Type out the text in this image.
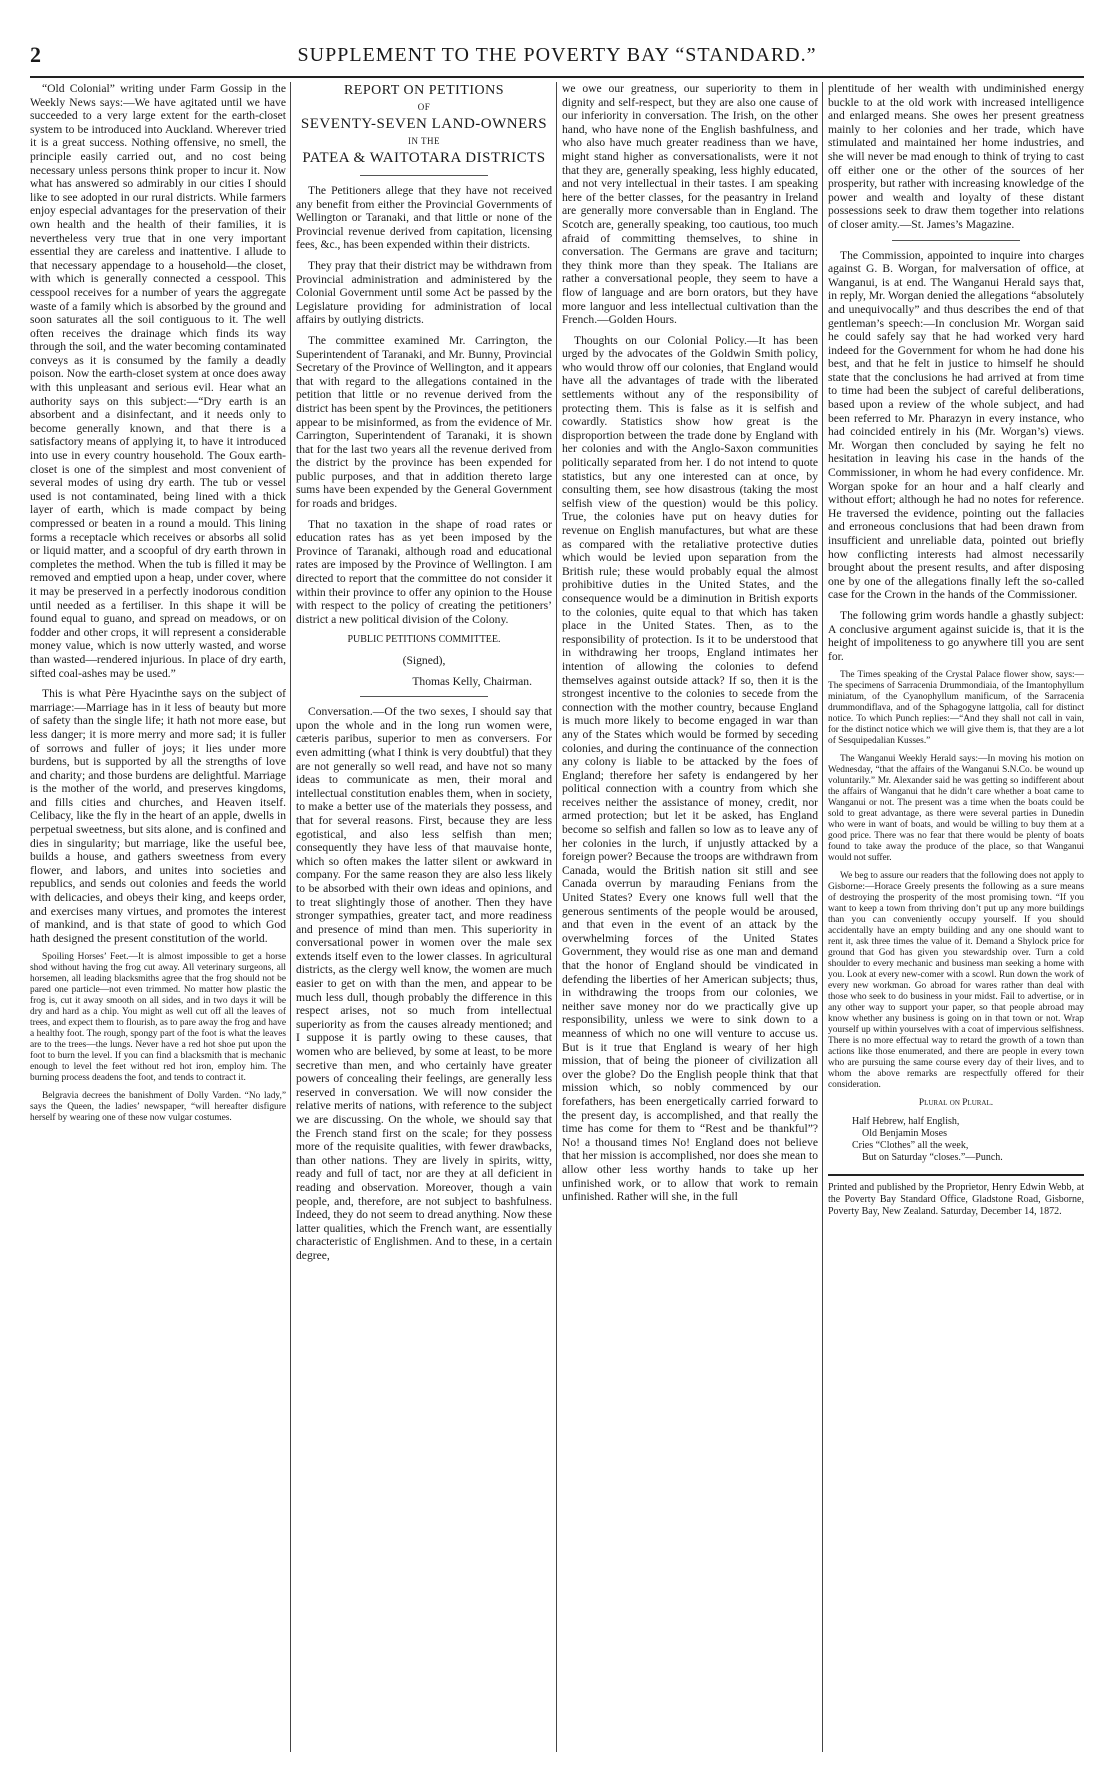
2	SUPPLEMENT TO THE POVERTY BAY “STANDARD.”

“Old Colonial” writing under Farm Gossip in the Weekly News says:—We have agitated until we have succeeded to a very large extent for the earth-closet system to be introduced into Auckland. Wherever tried it is a great success. Nothing offensive, no smell, the principle easily carried out, and no cost being necessary unless persons think proper to incur it. Now what has answered so admirably in our cities I should like to see adopted in our rural districts. While farmers enjoy especial advantages for the preservation of their own health and the health of their families, it is nevertheless very true that in one very important essential they are careless and inattentive. I allude to that necessary appendage to a household—the closet, with which is generally connected a cesspool. This cesspool receives for a number of years the aggregate waste of a family which is absorbed by the ground and soon saturates all the soil contiguous to it. The well often receives the drainage which finds its way through the soil, and the water becoming contaminated conveys as it is consumed by the family a deadly poison. Now the earth-closet system at once does away with this unpleasant and serious evil. Hear what an authority says on this subject:—“Dry earth is an absorbent and a disinfectant, and it needs only to become generally known, and that there is a satisfactory means of applying it, to have it introduced into use in every country household. The Goux earth-closet is one of the simplest and most convenient of several modes of using dry earth. The tub or vessel used is not contaminated, being lined with a thick layer of earth, which is made compact by being compressed or beaten in a round a mould. This lining forms a receptacle which receives or absorbs all solid or liquid matter, and a scoopful of dry earth thrown in completes the method. When the tub is filled it may be removed and emptied upon a heap, under cover, where it may be preserved in a perfectly inodorous condition until needed as a fertiliser. In this shape it will be found equal to guano, and spread on meadows, or on fodder and other crops, it will represent a considerable money value, which is now utterly wasted, and worse than wasted—rendered injurious. In place of dry earth, sifted coal-ashes may be used.”

This is what Père Hyacinthe says on the subject of marriage:—Marriage has in it less of beauty but more of safety than the single life; it hath not more ease, but less danger; it is more merry and more sad; it is fuller of sorrows and fuller of joys; it lies under more burdens, but is supported by all the strengths of love and charity; and those burdens are delightful. Marriage is the mother of the world, and preserves kingdoms, and fills cities and churches, and Heaven itself. Celibacy, like the fly in the heart of an apple, dwells in perpetual sweetness, but sits alone, and is confined and dies in singularity; but marriage, like the useful bee, builds a house, and gathers sweetness from every flower, and labors, and unites into societies and republics, and sends out colonies and feeds the world with delicacies, and obeys their king, and keeps order, and exercises many virtues, and promotes the interest of mankind, and is that state of good to which God hath designed the present constitution of the world.

Spoiling Horses’ Feet.—It is almost impossible to get a horse shod without having the frog cut away. All veterinary surgeons, all horsemen, all leading blacksmiths agree that the frog should not be pared one particle—not even trimmed. No matter how plastic the frog is, cut it away smooth on all sides, and in two days it will be dry and hard as a chip. You might as well cut off all the leaves of trees, and expect them to flourish, as to pare away the frog and have a healthy foot. The rough, spongy part of the foot is what the leaves are to the trees—the lungs. Never have a red hot shoe put upon the foot to burn the level. If you can find a blacksmith that is mechanic enough to level the feet without red hot iron, employ him. The burning process deadens the foot, and tends to contract it.

Belgravia decrees the banishment of Dolly Varden. “No lady,” says the Queen, the ladies’ newspaper, “will hereafter disfigure herself by wearing one of these now vulgar costumes.

REPORT ON PETITIONS
OF
SEVENTY-SEVEN LAND-OWNERS
IN THE
PATEA & WAITOTARA DISTRICTS

The Petitioners allege that they have not received any benefit from either the Provincial Governments of Wellington or Taranaki, and that little or none of the Provincial revenue derived from capitation, licensing fees, &c., has been expended within their districts.

They pray that their district may be withdrawn from Provincial administration and administered by the Colonial Government until some Act be passed by the Legislature providing for administration of local affairs by outlying districts.

The committee examined Mr. Carrington, the Superintendent of Taranaki, and Mr. Bunny, Provincial Secretary of the Province of Wellington, and it appears that with regard to the allegations contained in the petition that little or no revenue derived from the district has been spent by the Provinces, the petitioners appear to be misinformed, as from the evidence of Mr. Carrington, Superintendent of Taranaki, it is shown that for the last two years all the revenue derived from the district by the province has been expended for public purposes, and that in addition thereto large sums have been expended by the General Government for roads and bridges.

That no taxation in the shape of road rates or education rates has as yet been imposed by the Province of Taranaki, although road and educational rates are imposed by the Province of Wellington. I am directed to report that the committee do not consider it within their province to offer any opinion to the House with respect to the policy of creating the petitioners’ district a new political division of the Colony.

PUBLIC PETITIONS COMMITTEE.

(Signed),

Thomas Kelly, Chairman.

Conversation.—Of the two sexes, I should say that upon the whole and in the long run women were, cæteris paribus, superior to men as conversers. For even admitting (what I think is very doubtful) that they are not generally so well read, and have not so many ideas to communicate as men, their moral and intellectual constitution enables them, when in society, to make a better use of the materials they possess, and that for several reasons. First, because they are less egotistical, and also less selfish than men; consequently they have less of that mauvaise honte, which so often makes the latter silent or awkward in company. For the same reason they are also less likely to be absorbed with their own ideas and opinions, and to treat slightingly those of another. Then they have stronger sympathies, greater tact, and more readiness and presence of mind than men. This superiority in conversational power in women over the male sex extends itself even to the lower classes. In agricultural districts, as the clergy well know, the women are much easier to get on with than the men, and appear to be much less dull, though probably the difference in this respect arises, not so much from intellectual superiority as from the causes already mentioned; and I suppose it is partly owing to these causes, that women who are believed, by some at least, to be more secretive than men, and who certainly have greater powers of concealing their feelings, are generally less reserved in conversation. We will now consider the relative merits of nations, with reference to the subject we are discussing. On the whole, we should say that the French stand first on the scale; for they possess more of the requisite qualities, with fewer drawbacks, than other nations. They are lively in spirits, witty, ready and full of tact, nor are they at all deficient in reading and observation. Moreover, though a vain people, and, therefore, are not subject to bashfulness. Indeed, they do not seem to dread anything. Now these latter qualities, which the French want, are essentially characteristic of Englishmen. And to these, in a certain degree,

we owe our greatness, our superiority to them in dignity and self-respect, but they are also one cause of our inferiority in conversation. The Irish, on the other hand, who have none of the English bashfulness, and who also have much greater readiness than we have, might stand higher as conversationalists, were it not that they are, generally speaking, less highly educated, and not very intellectual in their tastes. I am speaking here of the better classes, for the peasantry in Ireland are generally more conversable than in England. The Scotch are, generally speaking, too cautious, too much afraid of committing themselves, to shine in conversation. The Germans are grave and taciturn; they think more than they speak. The Italians are rather a conversational people, they seem to have a flow of language and are born orators, but they have more languor and less intellectual cultivation than the French.—Golden Hours.

Thoughts on our Colonial Policy.—It has been urged by the advocates of the Goldwin Smith policy, who would throw off our colonies, that England would have all the advantages of trade with the liberated settlements without any of the responsibility of protecting them. This is false as it is selfish and cowardly. Statistics show how great is the disproportion between the trade done by England with her colonies and with the Anglo-Saxon communities politically separated from her. I do not intend to quote statistics, but any one interested can at once, by consulting them, see how disastrous (taking the most selfish view of the question) would be this policy. True, the colonies have put on heavy duties for revenue on English manufactures, but what are these as compared with the retaliative protective duties which would be levied upon separation from the British rule; these would probably equal the almost prohibitive duties in the United States, and the consequence would be a diminution in British exports to the colonies, quite equal to that which has taken place in the United States. Then, as to the responsibility of protection. Is it to be understood that in withdrawing her troops, England intimates her intention of allowing the colonies to defend themselves against outside attack? If so, then it is the strongest incentive to the colonies to secede from the connection with the mother country, because England is much more likely to become engaged in war than any of the States which would be formed by seceding colonies, and during the continuance of the connection any colony is liable to be attacked by the foes of England; therefore her safety is endangered by her political connection with a country from which she receives neither the assistance of money, credit, nor armed protection; but let it be asked, has England become so selfish and fallen so low as to leave any of her colonies in the lurch, if unjustly attacked by a foreign power? Because the troops are withdrawn from Canada, would the British nation sit still and see Canada overrun by marauding Fenians from the United States? Every one knows full well that the generous sentiments of the people would be aroused, and that even in the event of an attack by the overwhelming forces of the United States Government, they would rise as one man and demand that the honor of England should be vindicated in defending the liberties of her American subjects; thus, in withdrawing the troops from our colonies, we neither save money nor do we practically give up responsibility, unless we were to sink down to a meanness of which no one will venture to accuse us. But is it true that England is weary of her high mission, that of being the pioneer of civilization all over the globe? Do the English people think that that mission which, so nobly commenced by our forefathers, has been energetically carried forward to the present day, is accomplished, and that really the time has come for them to “Rest and be thankful”? No! a thousand times No! England does not believe that her mission is accomplished, nor does she mean to allow other less worthy hands to take up her unfinished work, or to allow that work to remain unfinished. Rather will she, in the full

plentitude of her wealth with undiminished energy buckle to at the old work with increased intelligence and enlarged means. She owes her present greatness mainly to her colonies and her trade, which have stimulated and maintained her home industries, and she will never be mad enough to think of trying to cast off either one or the other of the sources of her prosperity, but rather with increasing knowledge of the power and wealth and loyalty of these distant possessions seek to draw them together into relations of closer amity.—St. James’s Magazine.

The Commission, appointed to inquire into charges against G. B. Worgan, for malversation of office, at Wanganui, is at end. The Wanganui Herald says that, in reply, Mr. Worgan denied the allegations “absolutely and unequivocally” and thus describes the end of that gentleman’s speech:—In conclusion Mr. Worgan said he could safely say that he had worked very hard indeed for the Government for whom he had done his best, and that he felt in justice to himself he should state that the conclusions he had arrived at from time to time had been the subject of careful deliberations, based upon a review of the whole subject, and had been referred to Mr. Pharazyn in every instance, who had coincided entirely in his (Mr. Worgan’s) views. Mr. Worgan then concluded by saying he felt no hesitation in leaving his case in the hands of the Commissioner, in whom he had every confidence. Mr. Worgan spoke for an hour and a half clearly and without effort; although he had no notes for reference. He traversed the evidence, pointing out the fallacies and erroneous conclusions that had been drawn from insufficient and unreliable data, pointed out briefly how conflicting interests had almost necessarily brought about the present results, and after disposing one by one of the allegations finally left the so-called case for the Crown in the hands of the Commissioner.

The following grim words handle a ghastly subject: A conclusive argument against suicide is, that it is the height of impoliteness to go anywhere till you are sent for.

The Times speaking of the Crystal Palace flower show, says:—The specimens of Sarracenia Drummondiaia, of the Imantophyllum miniatum, of the Cyanophyllum manificum, of the Sarracenia drummondiflava, and of the Sphagogyne lattgolia, call for distinct notice. To which Punch replies:—“And they shall not call in vain, for the distinct notice which we will give them is, that they are a lot of Sesquipedalian Kusses.”

The Wanganui Weekly Herald says:—In moving his motion on Wednesday, “that the affairs of the Wanganui S.N.Co. be wound up voluntarily.” Mr. Alexander said he was getting so indifferent about the affairs of Wanganui that he didn’t care whether a boat came to Wanganui or not. The present was a time when the boats could be sold to great advantage, as there were several parties in Dunedin who were in want of boats, and would be willing to buy them at a good price. There was no fear that there would be plenty of boats found to take away the produce of the place, so that Wanganui would not suffer.

We beg to assure our readers that the following does not apply to Gisborne:—Horace Greely presents the following as a sure means of destroying the prosperity of the most promising town. “If you want to keep a town from thriving don’t put up any more buildings than you can conveniently occupy yourself. If you should accidentally have an empty building and any one should want to rent it, ask three times the value of it. Demand a Shylock price for ground that God has given you stewardship over. Turn a cold shoulder to every mechanic and business man seeking a home with you. Look at every new-comer with a scowl. Run down the work of every new workman. Go abroad for wares rather than deal with those who seek to do business in your midst. Fail to advertise, or in any other way to support your paper, so that people abroad may know whether any business is going on in that town or not. Wrap yourself up within yourselves with a coat of impervious selfishness. There is no more effectual way to retard the growth of a town than actions like those enumerated, and there are people in every town who are pursuing the same course every day of their lives, and to whom the above remarks are respectfully offered for their consideration.

Plural on Plural.

Half Hebrew, half English,
Old Benjamin Moses
Cries “Clothes” all the week,
But on Saturday “closes.”—Punch.

Printed and published by the Proprietor, Henry Edwin Webb, at the Poverty Bay Standard Office, Gladstone Road, Gisborne, Poverty Bay, New Zealand. Saturday, December 14, 1872.
